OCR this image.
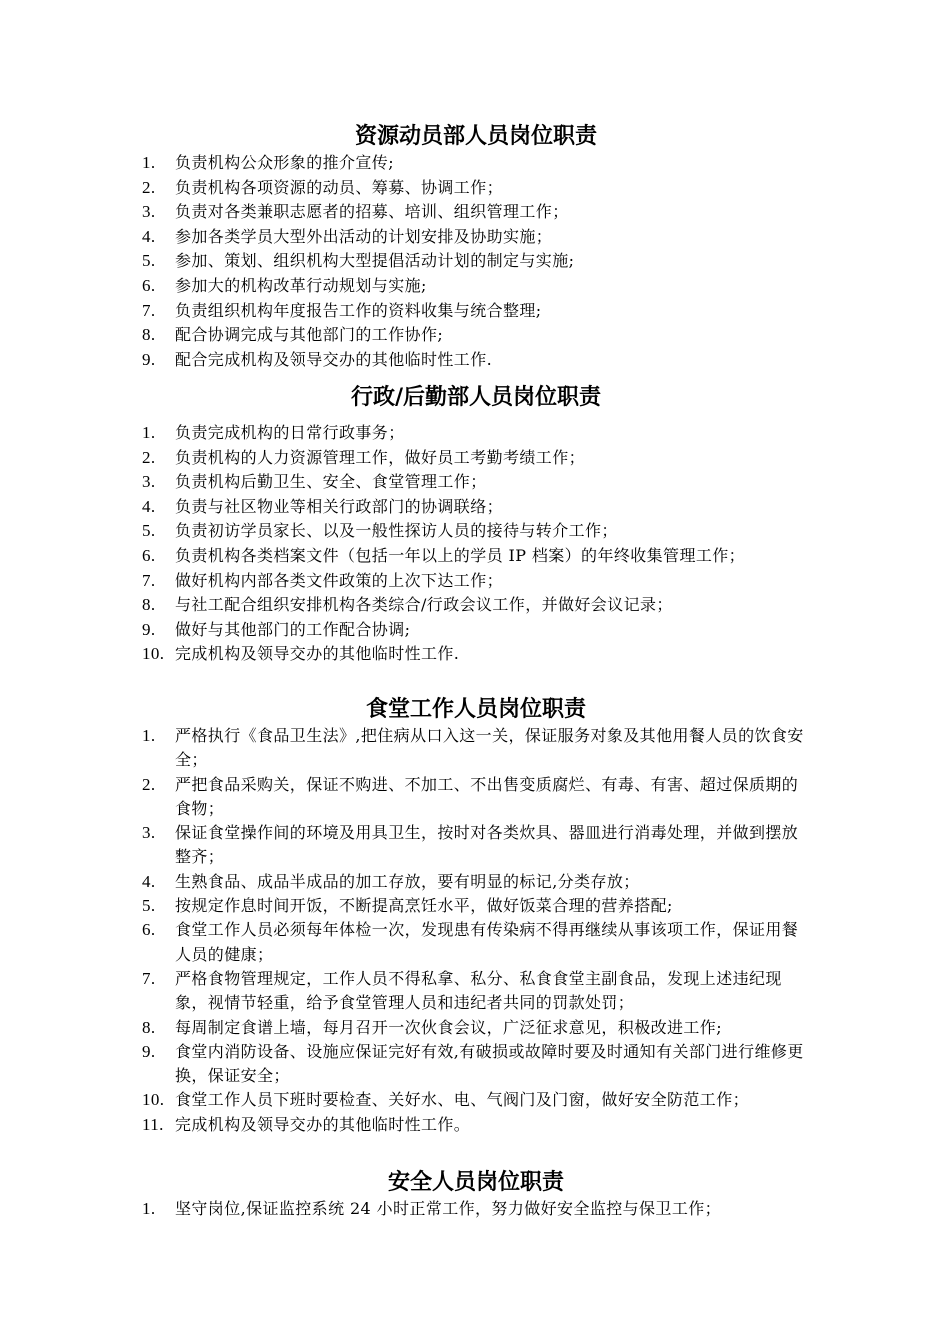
资源动员部人员岗位职责
1.	负责机构公众形象的推介宣传;
2.	负责机构各项资源的动员、筹募、协调工作；
3.	负责对各类兼职志愿者的招募、培训、组织管理工作；
4.	参加各类学员大型外出活动的计划安排及协助实施；
5.	参加、策划、组织机构大型提倡活动计划的制定与实施;
6.	参加大的机构改革行动规划与实施;
7.	负责组织机构年度报告工作的资料收集与统合整理;
8.	配合协调完成与其他部门的工作协作;
9.	配合完成机构及领导交办的其他临时性工作.
行政/后勤部人员岗位职责
1.	负责完成机构的日常行政事务；
2.	负责机构的人力资源管理工作，做好员工考勤考绩工作；
3.	负责机构后勤卫生、安全、食堂管理工作；
4.	负责与社区物业等相关行政部门的协调联络；
5.	负责初访学员家长、以及一般性探访人员的接待与转介工作；
6.	负责机构各类档案文件（包括一年以上的学员 IP 档案）的年终收集管理工作；
7.	做好机构内部各类文件政策的上次下达工作；
8.	与社工配合组织安排机构各类综合/行政会议工作，并做好会议记录；
9.	做好与其他部门的工作配合协调;
10. 完成机构及领导交办的其他临时性工作.
食堂工作人员岗位职责
1.	严格执行《食品卫生法》,把住病从口入这一关，保证服务对象及其他用餐人员的饮食安全；
2.	严把食品采购关，保证不购进、不加工、不出售变质腐烂、有毒、有害、超过保质期的食物；
3.	保证食堂操作间的环境及用具卫生，按时对各类炊具、器皿进行消毒处理，并做到摆放整齐；
4.	生熟食品、成品半成品的加工存放，要有明显的标记,分类存放；
5.	按规定作息时间开饭，不断提高烹饪水平，做好饭菜合理的营养搭配;
6.	食堂工作人员必须每年体检一次，发现患有传染病不得再继续从事该项工作，保证用餐人员的健康；
7.	严格食物管理规定，工作人员不得私拿、私分、私食食堂主副食品，发现上述违纪现象，视情节轻重，给予食堂管理人员和违纪者共同的罚款处罚；
8.	每周制定食谱上墙，每月召开一次伙食会议，广泛征求意见，积极改进工作;
9.	食堂内消防设备、设施应保证完好有效,有破损或故障时要及时通知有关部门进行维修更换，保证安全；
10. 食堂工作人员下班时要检查、关好水、电、气阀门及门窗，做好安全防范工作；
11. 完成机构及领导交办的其他临时性工作。
安全人员岗位职责
1.	坚守岗位,保证监控系统 24 小时正常工作，努力做好安全监控与保卫工作；
